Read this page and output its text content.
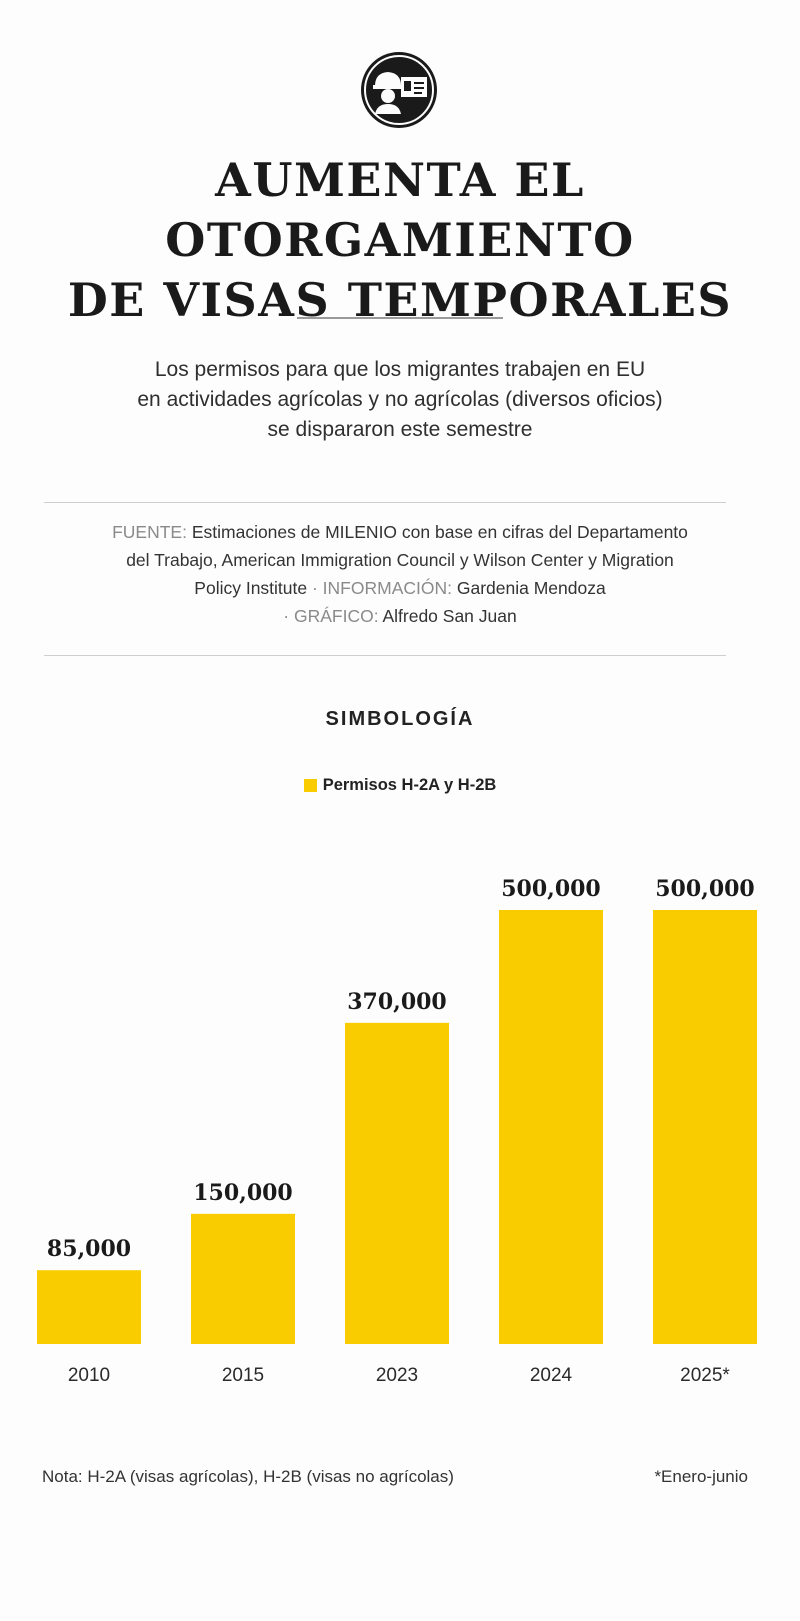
AUMENTA EL OTORGAMIENTO
DE VISAS TEMPORALES

Los permisos para que los migrantes trabajen en EU
en actividades agrícolas y no agrícolas (diversos oficios)
se dispararon este semestre

FUENTE: Estimaciones de MILENIO con base en cifras del Departamento
del Trabajo, American Immigration Council y Wilson Center y Migration
Policy Institute · INFORMACIÓN: Gardenia Mendoza
· GRÁFICO: Alfredo San Juan

SIMBOLOGÍA
Permisos H-2A y H-2B
85,000
2010
150,000
2015
370,000
2023
500,000
2024
500,000
2025*

Nota: H-2A (visas agrícolas), H-2B (visas no agrícolas)	*Enero-junio
